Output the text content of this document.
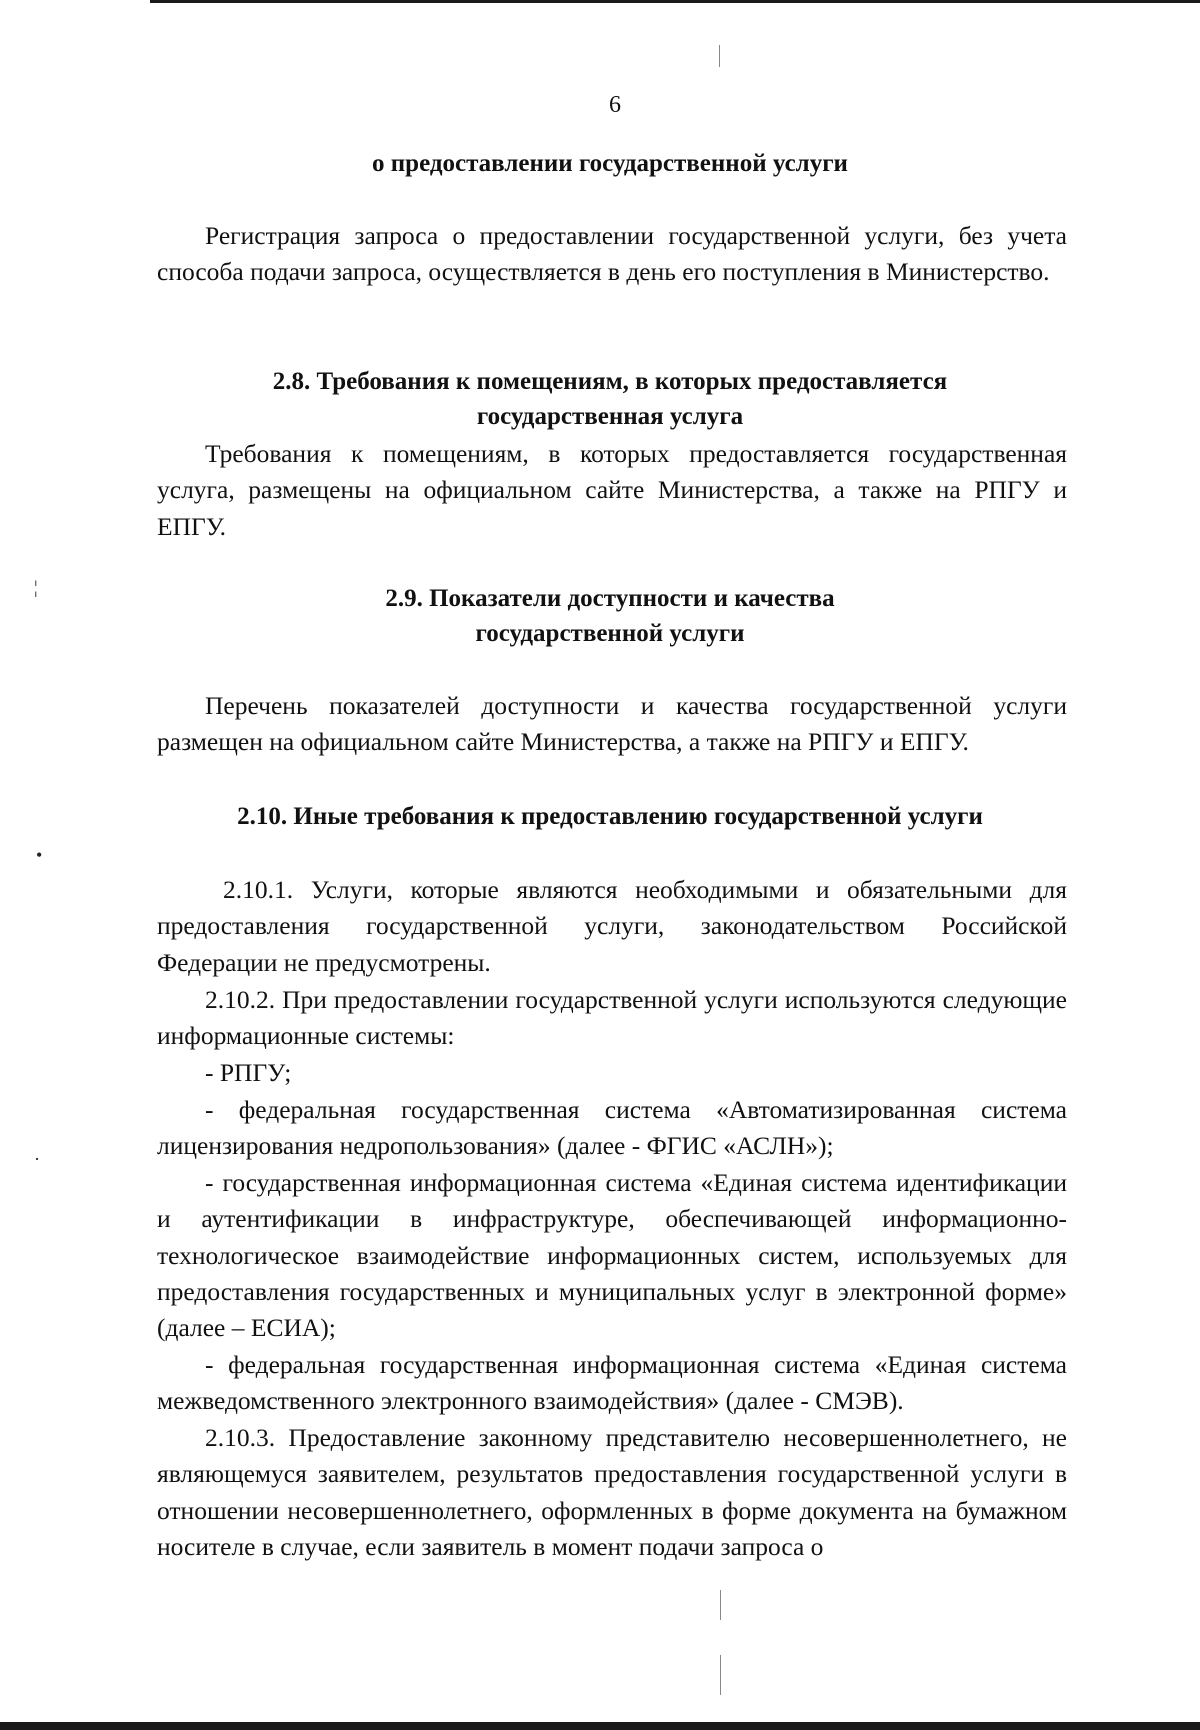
6
о предоставлении государственной услуги
Регистрация запроса о предоставлении государственной услуги, без учета способа подачи запроса, осуществляется в день его поступления в Министерство.
2.8. Требования к помещениям, в которых предоставляется
государственная услуга
Требования к помещениям, в которых предоставляется государственная услуга, размещены на официальном сайте Министерства, а также на РПГУ и ЕПГУ.
2.9. Показатели доступности и качества
государственной услуги
Перечень показателей доступности и качества государственной услуги размещен на официальном сайте Министерства, а также на РПГУ и ЕПГУ.
2.10. Иные требования к предоставлению государственной услуги
2.10.1. Услуги, которые являются необходимыми и обязательными для предоставления государственной услуги, законодательством Российской Федерации не предусмотрены.
2.10.2. При предоставлении государственной услуги используются следующие информационные системы:
- РПГУ;
- федеральная государственная система «Автоматизированная система лицензирования недропользования» (далее - ФГИС «АСЛН»);
- государственная информационная система «Единая система идентификации и аутентификации в инфраструктуре, обеспечивающей информационно-технологическое взаимодействие информационных систем, используемых для предоставления государственных и муниципальных услуг в электронной форме» (далее – ЕСИА);
- федеральная государственная информационная система «Единая система межведомственного электронного взаимодействия» (далее - СМЭВ).
2.10.3. Предоставление законному представителю несовершеннолетнего, не являющемуся заявителем, результатов предоставления государственной услуги в отношении несовершеннолетнего, оформленных в форме документа на бумажном носителе в случае, если заявитель в момент подачи запроса о
¦
•
·
